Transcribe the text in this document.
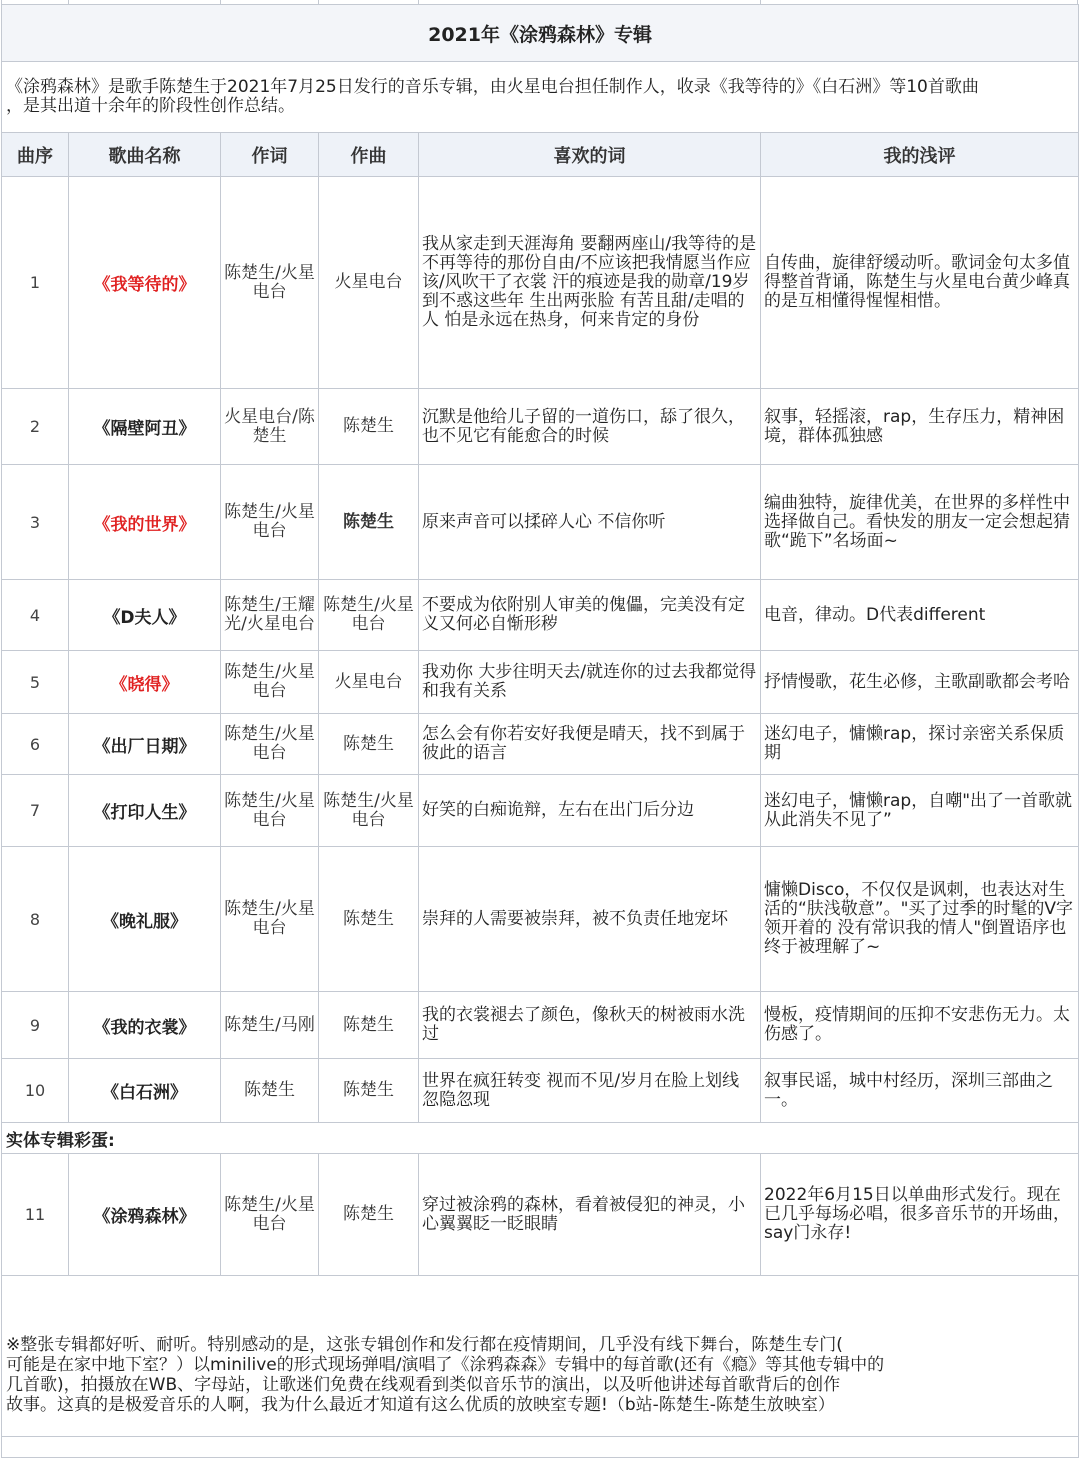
2021年《涂鸦森林》专辑					

《涂鸦森林》是歌手陈楚生于2021年7月25日发行的音乐专辑，由火星电台担任制作人，收录《我等待的》《白石洲》等10首歌曲
，是其出道十余年的阶段性创作总结。					

曲序	歌曲名称	作词	作曲	喜欢的词	我的浅评
1	《我等待的》	陈楚生/火星电台	火星电台	我从家走到天涯海角 要翻两座山/我等待的是不再等待的那份自由/不应该把我情愿当作应该/风吹干了衣裳 汗的痕迹是我的勋章/19岁到不惑这些年 生出两张脸 有苦且甜/走唱的人 怕是永远在热身，何来肯定的身份	自传曲，旋律舒缓动听。歌词金句太多值得整首背诵，陈楚生与火星电台黄少峰真的是互相懂得惺惺相惜。
2	《隔壁阿丑》	火星电台/陈楚生	陈楚生	沉默是他给儿子留的一道伤口，舔了很久，也不见它有能愈合的时候	叙事，轻摇滚，rap，生存压力，精神困境，群体孤独感
3	《我的世界》	陈楚生/火星电台	陈楚生	原来声音可以揉碎人心 不信你听	编曲独特，旋律优美，在世界的多样性中选择做自己。看快发的朋友一定会想起猜歌“跪下”名场面~
4	《D夫人》	陈楚生/王耀光/火星电台	陈楚生/火星电台	不要成为依附别人审美的傀儡，完美没有定义又何必自惭形秽	电音，律动。D代表different
5	《晓得》	陈楚生/火星电台	火星电台	我劝你 大步往明天去/就连你的过去我都觉得和我有关系	抒情慢歌，花生必修，主歌副歌都会考哈
6	《出厂日期》	陈楚生/火星电台	陈楚生	怎么会有你若安好我便是晴天，找不到属于彼此的语言	迷幻电子，慵懒rap，探讨亲密关系保质期
7	《打印人生》	陈楚生/火星电台	陈楚生/火星电台	好笑的白痴诡辩，左右在出门后分边	迷幻电子，慵懒rap，自嘲"出了一首歌就从此消失不见了”
8	《晚礼服》	陈楚生/火星电台	陈楚生	崇拜的人需要被崇拜，被不负责任地宠坏	慵懒Disco，不仅仅是讽刺，也表达对生活的“肤浅敬意”。"买了过季的时髦的V字领开着的 没有常识我的情人"倒置语序也终于被理解了~
9	《我的衣裳》	陈楚生/马刚	陈楚生	我的衣裳褪去了颜色，像秋天的树被雨水洗过	慢板，疫情期间的压抑不安悲伤无力。太伤感了。
10	《白石洲》	陈楚生	陈楚生	世界在疯狂转变 视而不见/岁月在脸上划线 忽隐忽现	叙事民谣，城中村经历，深圳三部曲之一。
实体专辑彩蛋:					
11	《涂鸦森林》	陈楚生/火星电台	陈楚生	穿过被涂鸦的森林，看着被侵犯的神灵，小心翼翼眨一眨眼睛	2022年6月15日以单曲形式发行。现在已几乎每场必唱，很多音乐节的开场曲，say门永存!

※整张专辑都好听、耐听。特别感动的是，这张专辑创作和发行都在疫情期间，几乎没有线下舞台，陈楚生专门(
可能是在家中地下室？）以minilive的形式现场弹唱/演唱了《涂鸦森森》专辑中的每首歌(还有《瘾》等其他专辑中的
几首歌)，拍摄放在WB、字母站，让歌迷们免费在线观看到类似音乐节的演出，以及听他讲述每首歌背后的创作
故事。这真的是极爱音乐的人啊，我为什么最近才知道有这么优质的放映室专题!（b站-陈楚生-陈楚生放映室）					
